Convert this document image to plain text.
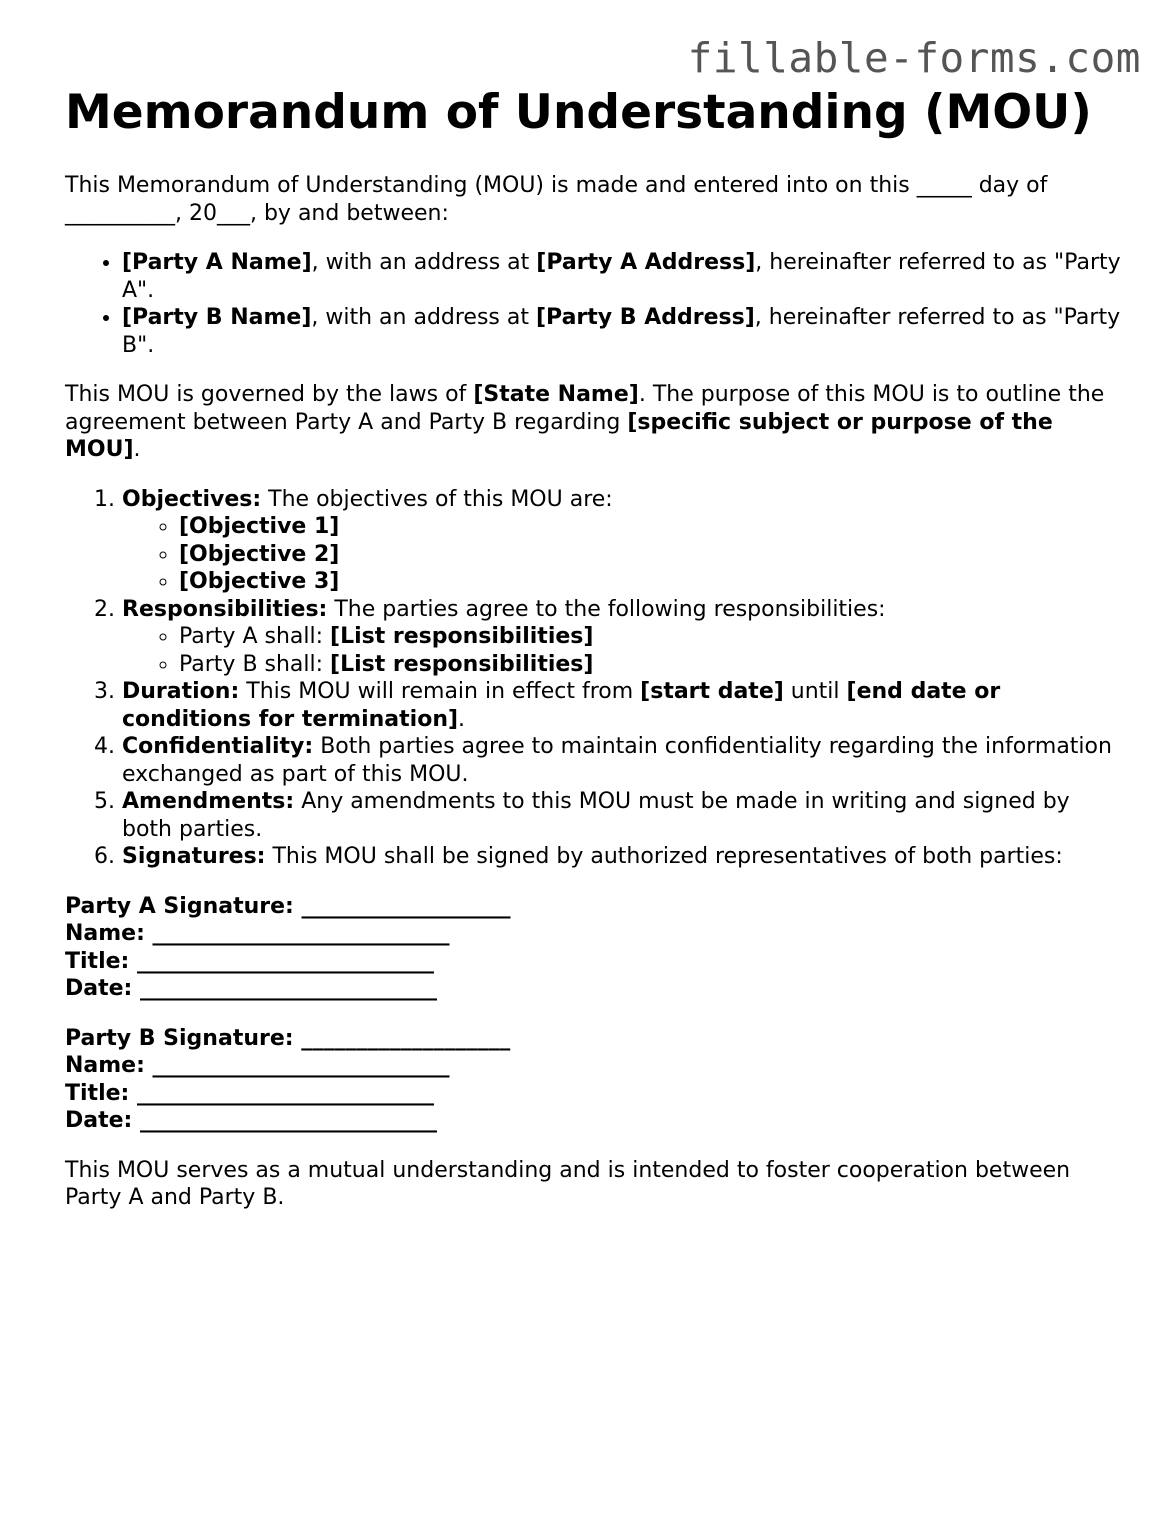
fillable-forms.com
Memorandum of Understanding (MOU)

This Memorandum of Understanding (MOU) is made and entered into on this _____ day of __________, 20___, by and between:

• [Party A Name], with an address at [Party A Address], hereinafter referred to as "Party A".
• [Party B Name], with an address at [Party B Address], hereinafter referred to as "Party B".

This MOU is governed by the laws of [State Name]. The purpose of this MOU is to outline the agreement between Party A and Party B regarding [specific subject or purpose of the MOU].

1. Objectives: The objectives of this MOU are:
◦ [Objective 1]
◦ [Objective 2]
◦ [Objective 3]
2. Responsibilities: The parties agree to the following responsibilities:
◦ Party A shall: [List responsibilities]
◦ Party B shall: [List responsibilities]
3. Duration: This MOU will remain in effect from [start date] until [end date or conditions for termination].
4. Confidentiality: Both parties agree to maintain confidentiality regarding the information exchanged as part of this MOU.
5. Amendments: Any amendments to this MOU must be made in writing and signed by both parties.
6. Signatures: This MOU shall be signed by authorized representatives of both parties:
Party A Signature: ___________________
Name: ___________________________
Title: ___________________________
Date: ___________________________
Party B Signature: ___________________
Name: ___________________________
Title: ___________________________
Date: ___________________________

This MOU serves as a mutual understanding and is intended to foster cooperation between Party A and Party B.
